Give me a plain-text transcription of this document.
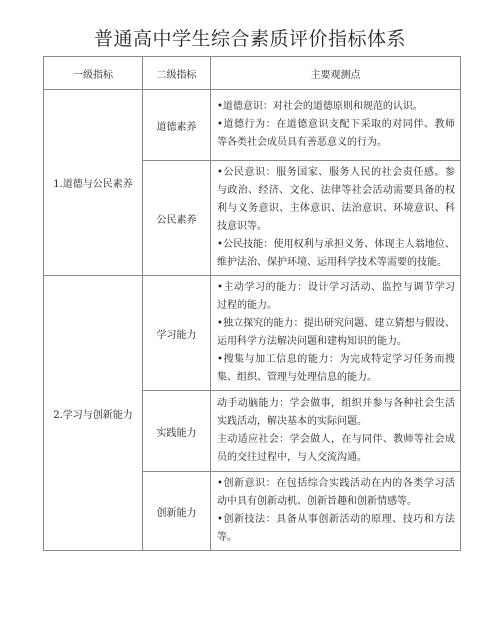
普通高中学生综合素质评价指标体系
一级指标	二级指标	主要观测点
1.道德与公民素养	道德素养	•道德意识：对社会的道德原则和规范的认识。

•道德行为：在道德意识支配下采取的对同伴、教师 等各类社会成员具有善恶意义的行为。

	公民素养	•公民意识：服务国家、服务人民的社会责任感。参 与政治、经济、文化、法律等社会活动需要具备的权 利与义务意识、主体意识、法治意识、环境意识、科 技意识等。

•公民技能：使用权利与承担义务、体现主人翁地位、 维护法治、保护环境、运用科学技术等需要的技能。

2.学习与创新能力	学习能力	•主动学习的能力：设计学习活动、监控与调节学习 过程的能力。

•独立探究的能力：提出研究问题、建立猜想与假设、 运用科学方法解决问题和建构知识的能力。

•搜集与加工信息的能力：为完成特定学习任务而搜 集、组织、管理与处理信息的能力。

	实践能力	动手动脑能力：学会做事，组织并参与各种社会生活 实践活动，解决基本的实际问题。

主动适应社会：学会做人，在与同伴、教师等社会成 员的交往过程中，与人交流沟通。

	创新能力	•创新意识：在包括综合实践活动在内的各类学习活 动中具有创新动机、创新旨趣和创新情感等。

•创新技法：具备从事创新活动的原理、技巧和方法 等。
